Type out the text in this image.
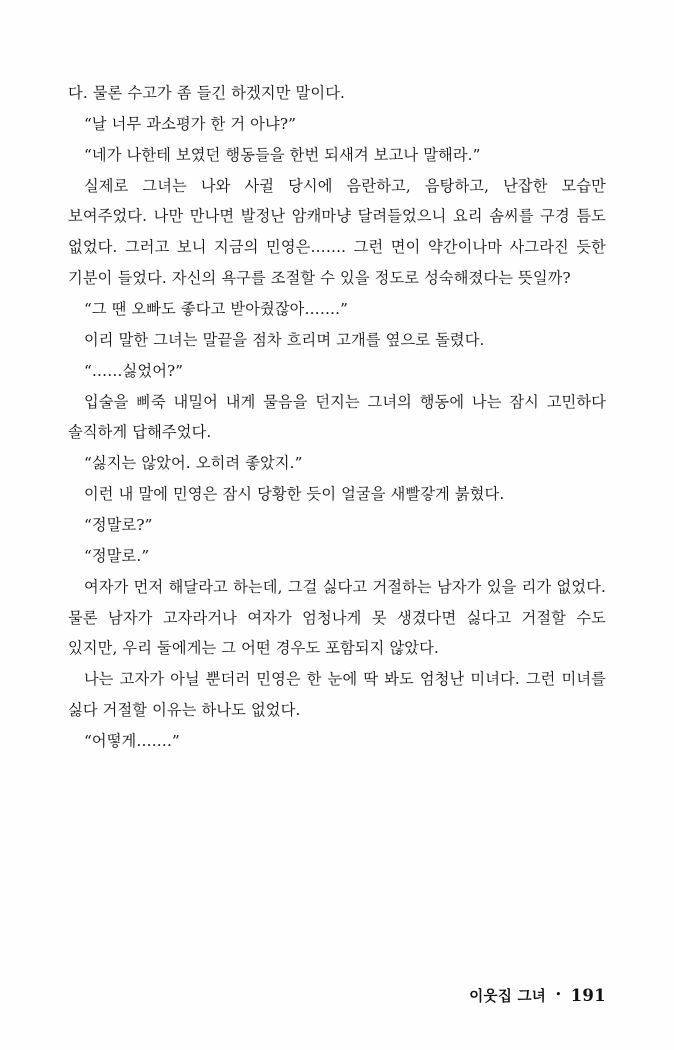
다. 물론 수고가 좀 들긴 하겠지만 말이다.

“날 너무 과소평가 한 거 아냐?”

“네가 나한테 보였던 행동들을 한번 되새겨 보고나 말해라.”

실제로 그녀는 나와 사귈 당시에 음란하고, 음탕하고, 난잡한 모습만 보여주었다. 나만 만나면 발정난 암캐마냥 달려들었으니 요리 솜씨를 구경 틈도 없었다. 그러고 보니 지금의 민영은……. 그런 면이 약간이나마 사그라진 듯한 기분이 들었다. 자신의 욕구를 조절할 수 있을 정도로 성숙해졌다는 뜻일까?

“그 땐 오빠도 좋다고 받아줬잖아…….”

이리 말한 그녀는 말끝을 점차 흐리며 고개를 옆으로 돌렸다.

“……싫었어?”

입술을 삐죽 내밀어 내게 물음을 던지는 그녀의 행동에 나는 잠시 고민하다 솔직하게 답해주었다.

“싫지는 않았어. 오히려 좋았지.”

이런 내 말에 민영은 잠시 당황한 듯이 얼굴을 새빨갛게 붉혔다.

“정말로?”

“정말로.”

여자가 먼저 해달라고 하는데, 그걸 싫다고 거절하는 남자가 있을 리가 없었다. 물론 남자가 고자라거나 여자가 엄청나게 못 생겼다면 싫다고 거절할 수도 있지만, 우리 둘에게는 그 어떤 경우도 포함되지 않았다.

나는 고자가 아닐 뿐더러 민영은 한 눈에 딱 봐도 엄청난 미녀다. 그런 미녀를 싫다 거절할 이유는 하나도 없었다.

“어떻게…….”

이웃집 그녀 • 191
